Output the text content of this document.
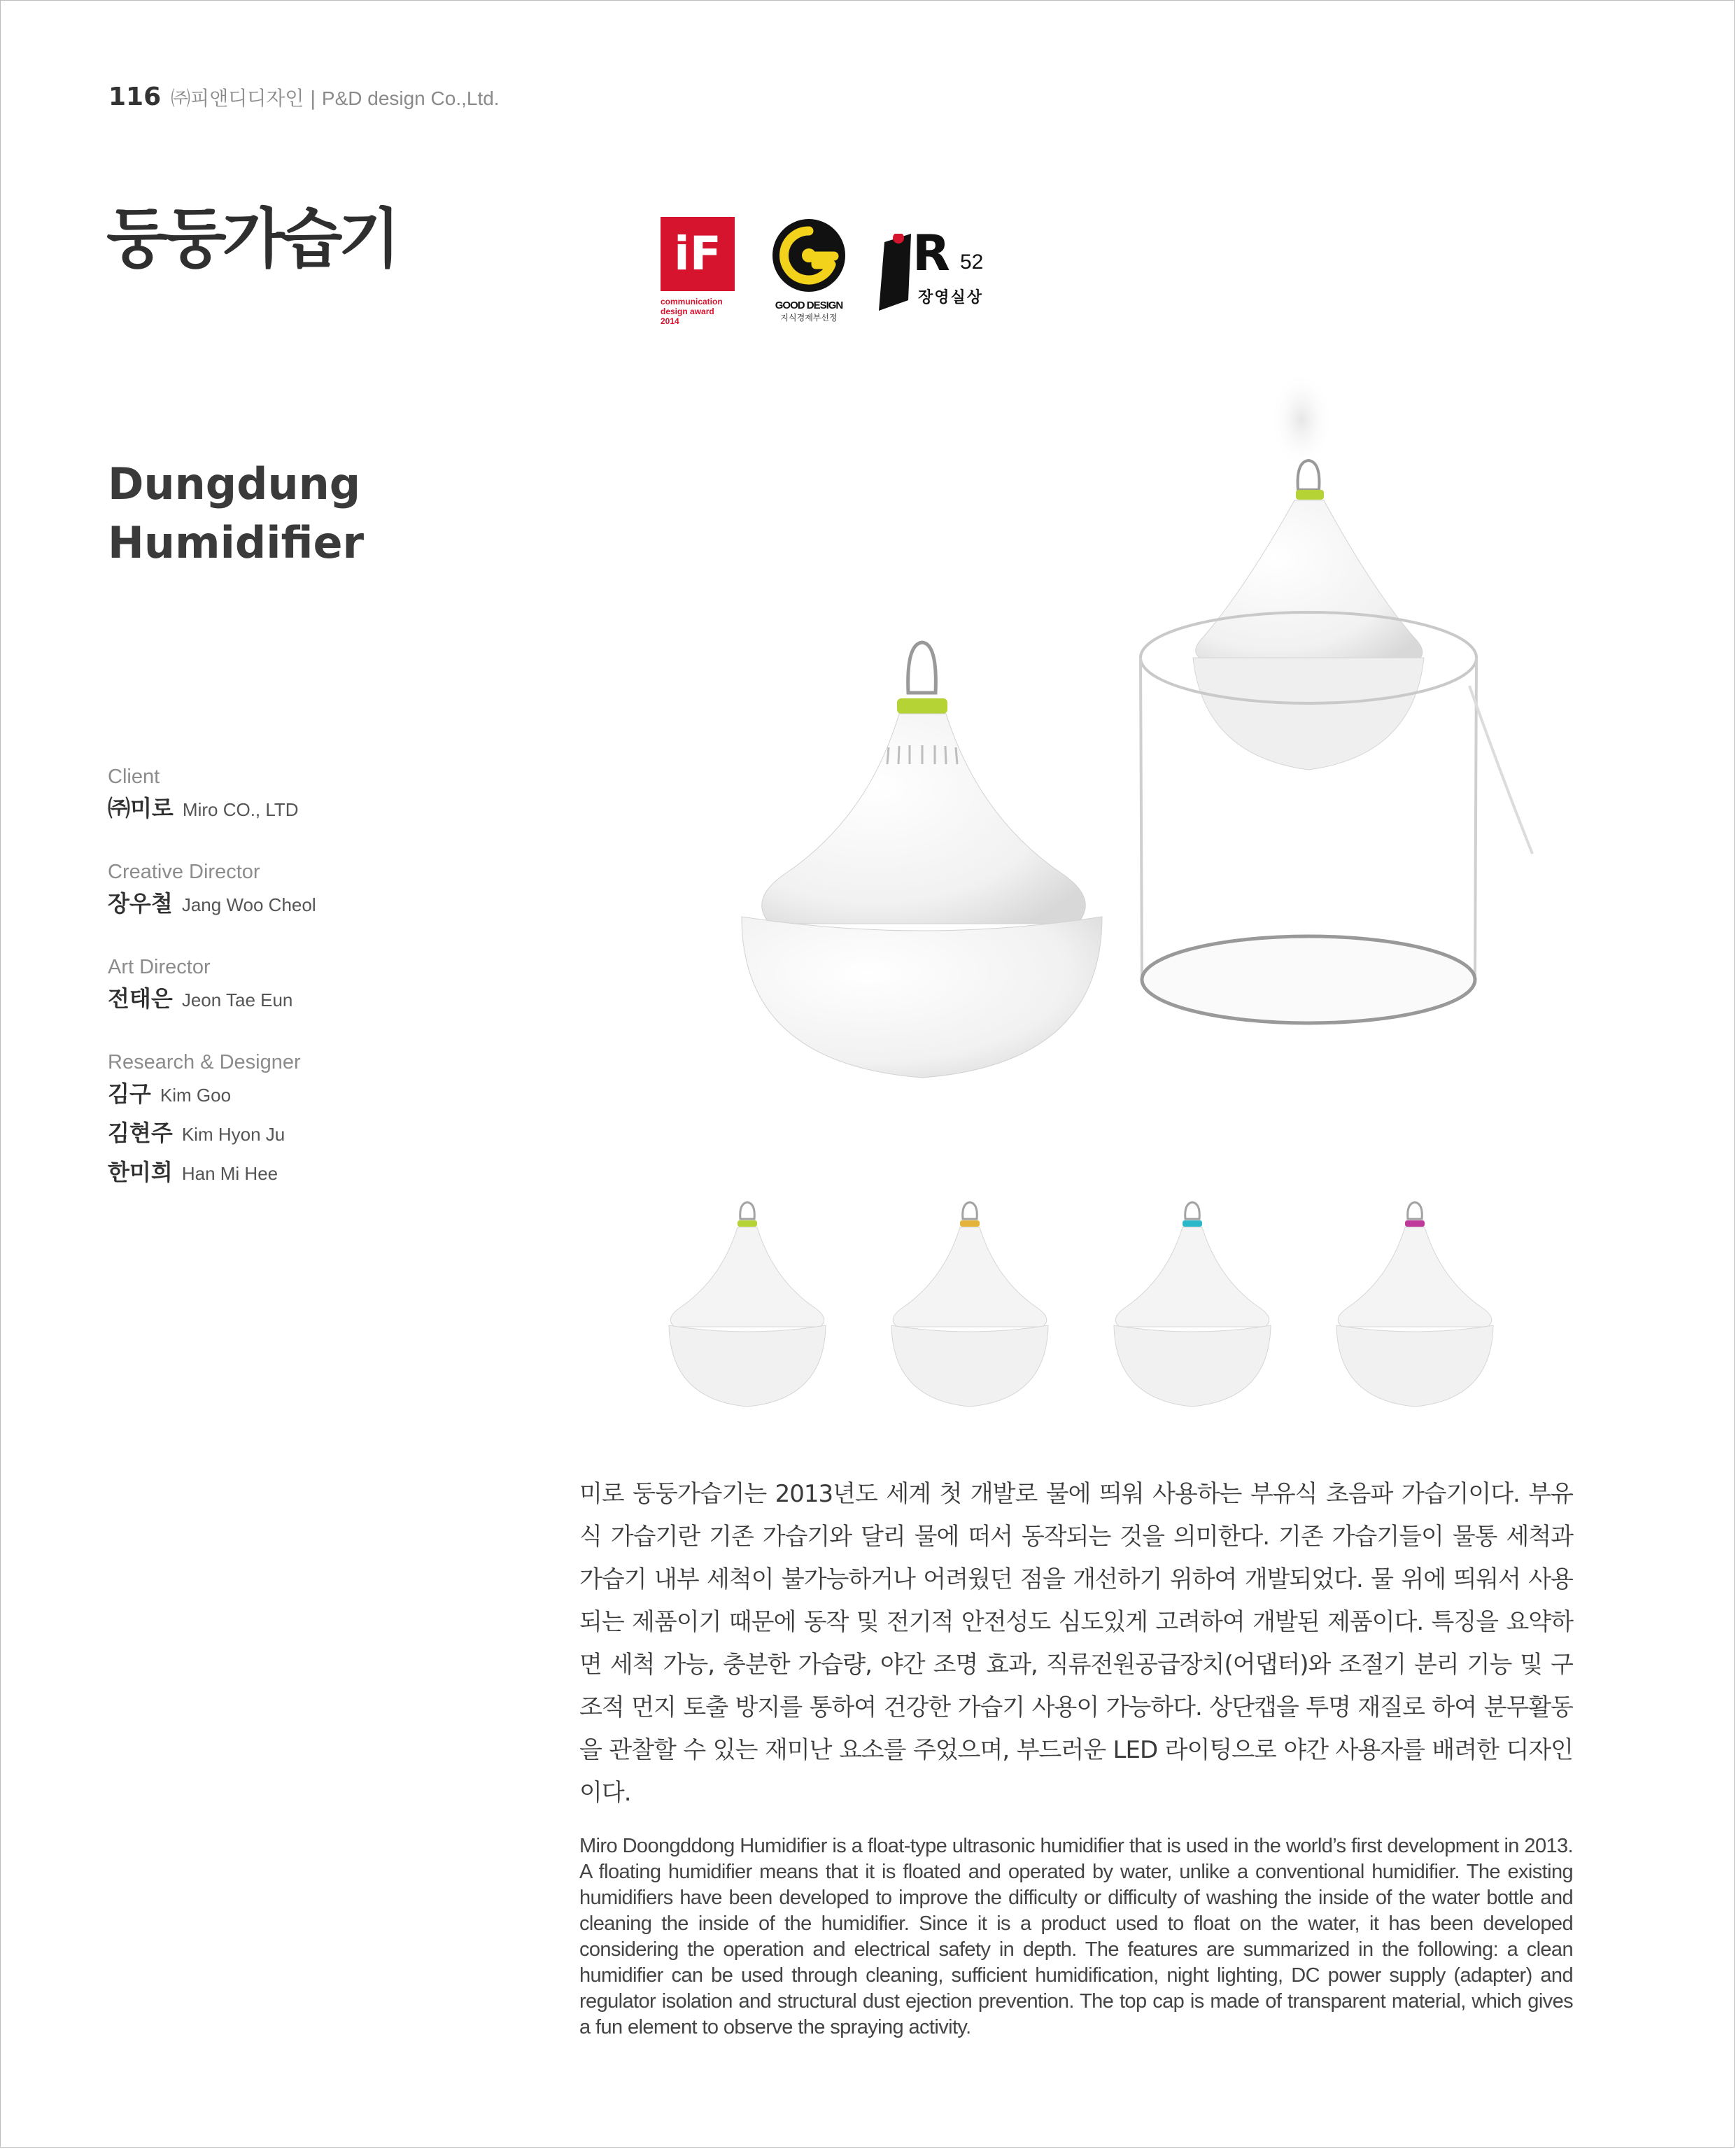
116 ㈜피앤디디자인 | P&D design Co.,Ltd.
둥둥가습기
Dungdung
Humidifier
iF
communication
design award
2014
GOOD DESIGN
지식경제부선정
R 52
장영실상
Client
㈜미로 Miro CO., LTD
Creative Director
장우철 Jang Woo Cheol
Art Director
전태은 Jeon Tae Eun
Research & Designer
김구 Kim Goo
김현주 Kim Hyon Ju
한미희 Han Mi Hee

미로 둥둥가습기는 2013년도 세계 첫 개발로 물에 띄워 사용하는 부유식 초음파 가습기이다. 부유식 가습기란 기존 가습기와 달리 물에 떠서 동작되는 것을 의미한다. 기존 가습기들이 물통 세척과 가습기 내부 세척이 불가능하거나 어려웠던 점을 개선하기 위하여 개발되었다. 물 위에 띄워서 사용되는 제품이기 때문에 동작 및 전기적 안전성도 심도있게 고려하여 개발된 제품이다. 특징을 요약하면 세척 가능, 충분한 가습량, 야간 조명 효과, 직류전원공급장치(어댑터)와 조절기 분리 기능 및 구조적 먼지 토출 방지를 통하여 건강한 가습기 사용이 가능하다. 상단캡을 투명 재질로 하여 분무활동을 관찰할 수 있는 재미난 요소를 주었으며, 부드러운 LED 라이팅으로 야간 사용자를 배려한 디자인이다.

Miro Doongddong Humidifier is a float-type ultrasonic humidifier that is used in the world’s first development in 2013. A floating humidifier means that it is floated and operated by water, unlike a conventional humidifier. The existing humidifiers have been developed to improve the difficulty or difficulty of washing the inside of the water bottle and cleaning the inside of the humidifier. Since it is a product used to float on the water, it has been developed considering the operation and electrical safety in depth. The features are summarized in the following: a clean humidifier can be used through cleaning, sufficient humidification, night lighting, DC power supply (adapter) and regulator isolation and structural dust ejection prevention. The top cap is made of transparent material, which gives a fun element to observe the spraying activity.
